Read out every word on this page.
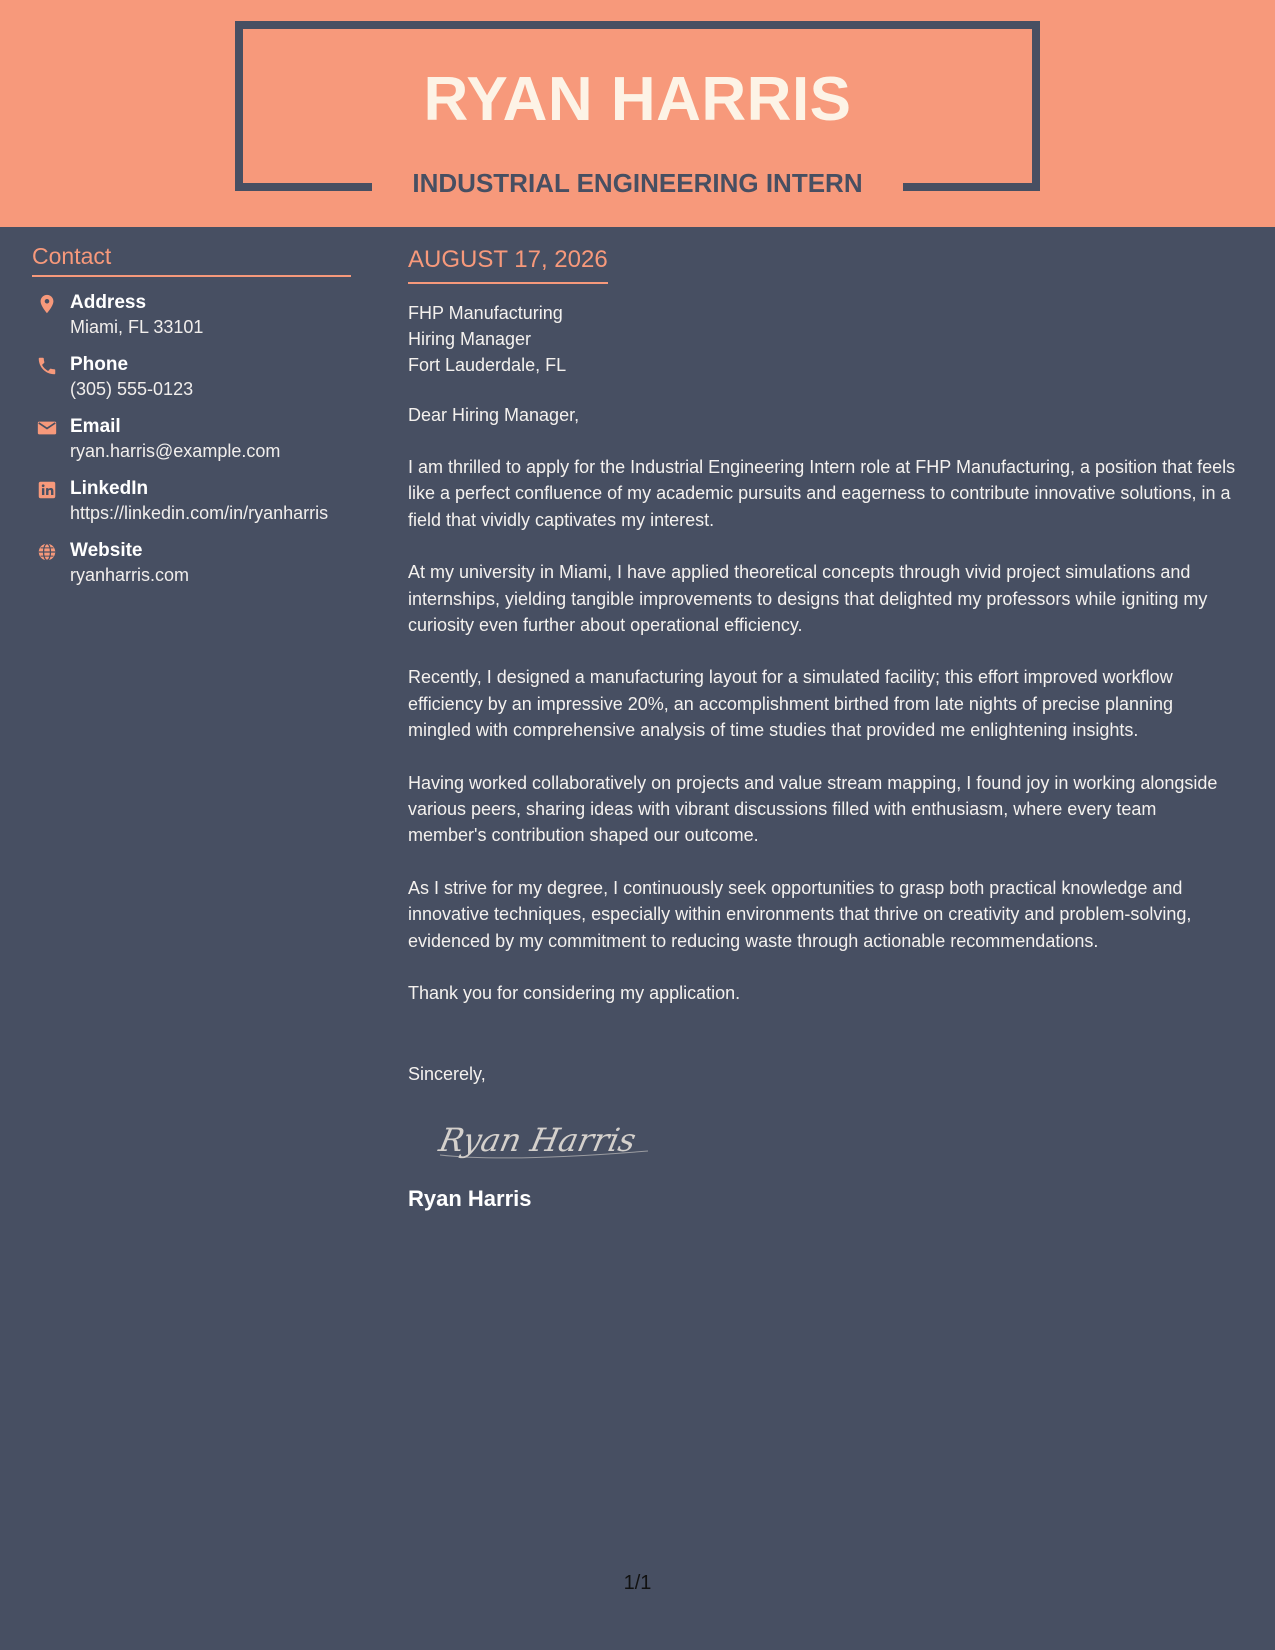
RYAN HARRIS
INDUSTRIAL ENGINEERING INTERN
Contact
Address
Miami, FL 33101
Phone
(305) 555-0123
Email
ryan.harris@example.com
LinkedIn
https://linkedin.com/in/ryanharris
Website
ryanharris.com
AUGUST 17, 2026
FHP Manufacturing
Hiring Manager
Fort Lauderdale, FL
Dear Hiring Manager,

I am thrilled to apply for the Industrial Engineering Intern role at FHP Manufacturing, a position that feels like a perfect confluence of my academic pursuits and eagerness to contribute innovative solutions, in a field that vividly captivates my interest.

At my university in Miami, I have applied theoretical concepts through vivid project simulations and internships, yielding tangible improvements to designs that delighted my professors while igniting my curiosity even further about operational efficiency.

Recently, I designed a manufacturing layout for a simulated facility; this effort improved workflow efficiency by an impressive 20%, an accomplishment birthed from late nights of precise planning mingled with comprehensive analysis of time studies that provided me enlightening insights.

Having worked collaboratively on projects and value stream mapping, I found joy in working alongside various peers, sharing ideas with vibrant discussions filled with enthusiasm, where every team member's contribution shaped our outcome.

As I strive for my degree, I continuously seek opportunities to grasp both practical knowledge and innovative techniques, especially within environments that thrive on creativity and problem-solving, evidenced by my commitment to reducing waste through actionable recommendations.

Thank you for considering my application.

Sincerely,
Ryan Harris
Ryan Harris
1/1
